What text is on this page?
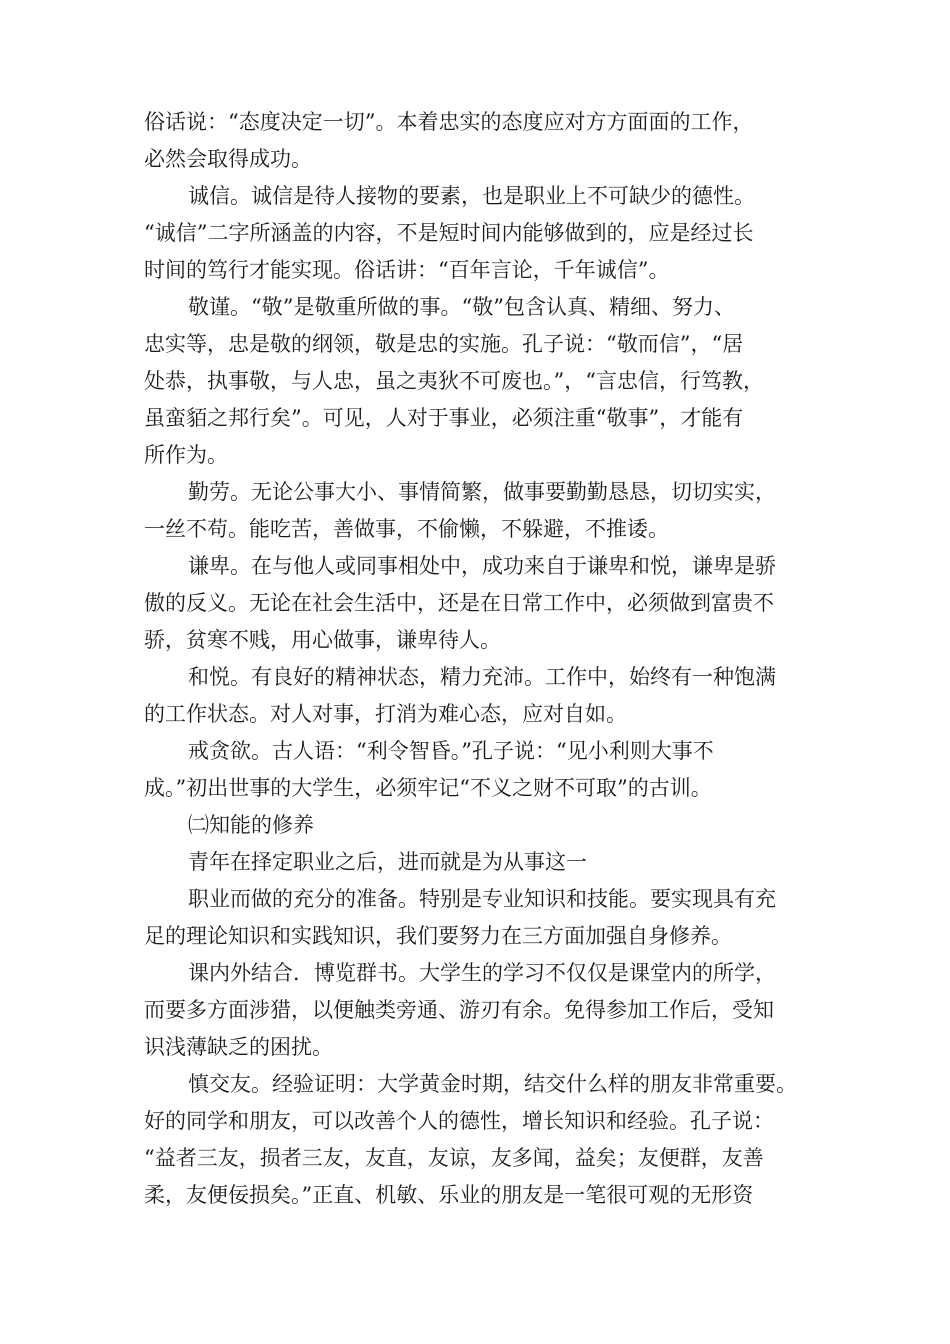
俗话说：“态度决定一切”。本着忠实的态度应对方方面面的工作，
必然会取得成功。
诚信。诚信是待人接物的要素，也是职业上不可缺少的德性。
“诚信”二字所涵盖的内容，不是短时间内能够做到的，应是经过长
时间的笃行才能实现。俗话讲：“百年言论，千年诚信”。
敬谨。“敬”是敬重所做的事。“敬”包含认真、精细、努力、
忠实等，忠是敬的纲领，敬是忠的实施。孔子说：“敬而信”，“居
处恭，执事敬，与人忠，虽之夷狄不可废也。”，“言忠信，行笃教，
虽蛮貊之邦行矣”。可见，人对于事业，必须注重“敬事”，才能有
所作为。
勤劳。无论公事大小、事情简繁，做事要勤勤恳恳，切切实实，
一丝不苟。能吃苦，善做事，不偷懒，不躲避，不推诿。
谦卑。在与他人或同事相处中，成功来自于谦卑和悦，谦卑是骄
傲的反义。无论在社会生活中，还是在日常工作中，必须做到富贵不
骄，贫寒不贱，用心做事，谦卑待人。
和悦。有良好的精神状态，精力充沛。工作中，始终有一种饱满
的工作状态。对人对事，打消为难心态，应对自如。
戒贪欲。古人语：“利令智昏。”孔子说：“见小利则大事不
成。”初出世事的大学生，必须牢记“不义之财不可取”的古训。
㈡知能的修养
青年在择定职业之后，进而就是为从事这一
职业而做的充分的准备。特别是专业知识和技能。要实现具有充
足的理论知识和实践知识，我们要努力在三方面加强自身修养。
课内外结合．博览群书。大学生的学习不仅仅是课堂内的所学，
而要多方面涉猎，以便触类旁通、游刃有余。免得参加工作后，受知
识浅薄缺乏的困扰。
慎交友。经验证明：大学黄金时期，结交什么样的朋友非常重要。
好的同学和朋友，可以改善个人的德性，增长知识和经验。孔子说：
“益者三友，损者三友，友直，友谅，友多闻，益矣；友便群，友善
柔，友便佞损矣。”正直、机敏、乐业的朋友是一笔很可观的无形资
